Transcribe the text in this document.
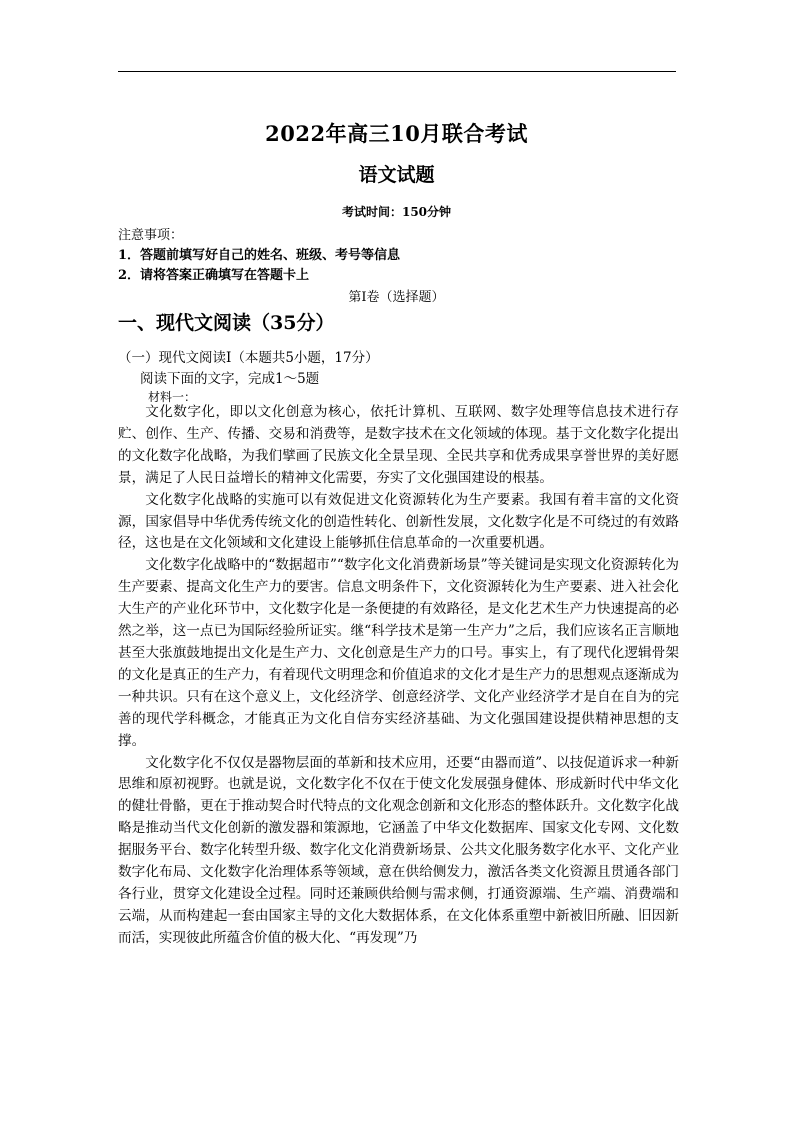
2022年高三10月联合考试
语文试题
考试时间：150分钟
注意事项：
1．答题前填写好自己的姓名、班级、考号等信息
2．请将答案正确填写在答题卡上
第Ⅰ卷（选择题）
一、现代文阅读（35分）
（一）现代文阅读Ⅰ（本题共5小题，17分）
阅读下面的文字，完成1～5题
材料一：

文化数字化，即以文化创意为核心，依托计算机、互联网、数字处理等信息技术进行存贮、创作、生产、传播、交易和消费等，是数字技术在文化领域的体现。基于文化数字化提出的文化数字化战略，为我们擘画了民族文化全景呈现、全民共享和优秀成果享誉世界的美好愿景，满足了人民日益增长的精神文化需要，夯实了文化强国建设的根基。

文化数字化战略的实施可以有效促进文化资源转化为生产要素。我国有着丰富的文化资源，国家倡导中华优秀传统文化的创造性转化、创新性发展，文化数字化是不可绕过的有效路径，这也是在文化领域和文化建设上能够抓住信息革命的一次重要机遇。

文化数字化战略中的“数据超市”“数字化文化消费新场景”等关键词是实现文化资源转化为生产要素、提高文化生产力的要害。信息文明条件下，文化资源转化为生产要素、进入社会化大生产的产业化环节中，文化数字化是一条便捷的有效路径，是文化艺术生产力快速提高的必然之举，这一点已为国际经验所证实。继“科学技术是第一生产力”之后，我们应该名正言顺地甚至大张旗鼓地提出文化是生产力、文化创意是生产力的口号。事实上，有了现代化逻辑骨架的文化是真正的生产力，有着现代文明理念和价值追求的文化才是生产力的思想观点逐渐成为一种共识。只有在这个意义上，文化经济学、创意经济学、文化产业经济学才是自在自为的完善的现代学科概念，才能真正为文化自信夯实经济基础、为文化强国建设提供精神思想的支撑。

文化数字化不仅仅是器物层面的革新和技术应用，还要“由器而道”、以技促道诉求一种新思维和原初视野。也就是说，文化数字化不仅在于使文化发展强身健体、形成新时代中华文化的健壮骨骼，更在于推动契合时代特点的文化观念创新和文化形态的整体跃升。文化数字化战略是推动当代文化创新的激发器和策源地，它涵盖了中华文化数据库、国家文化专网、文化数据服务平台、数字化转型升级、数字化文化消费新场景、公共文化服务数字化水平、文化产业数字化布局、文化数字化治理体系等领域，意在供给侧发力，激活各类文化资源且贯通各部门各行业，贯穿文化建设全过程。同时还兼顾供给侧与需求侧，打通资源端、生产端、消费端和云端，从而构建起一套由国家主导的文化大数据体系，在文化体系重塑中新被旧所融、旧因新而活，实现彼此所蕴含价值的极大化、“再发现”乃
